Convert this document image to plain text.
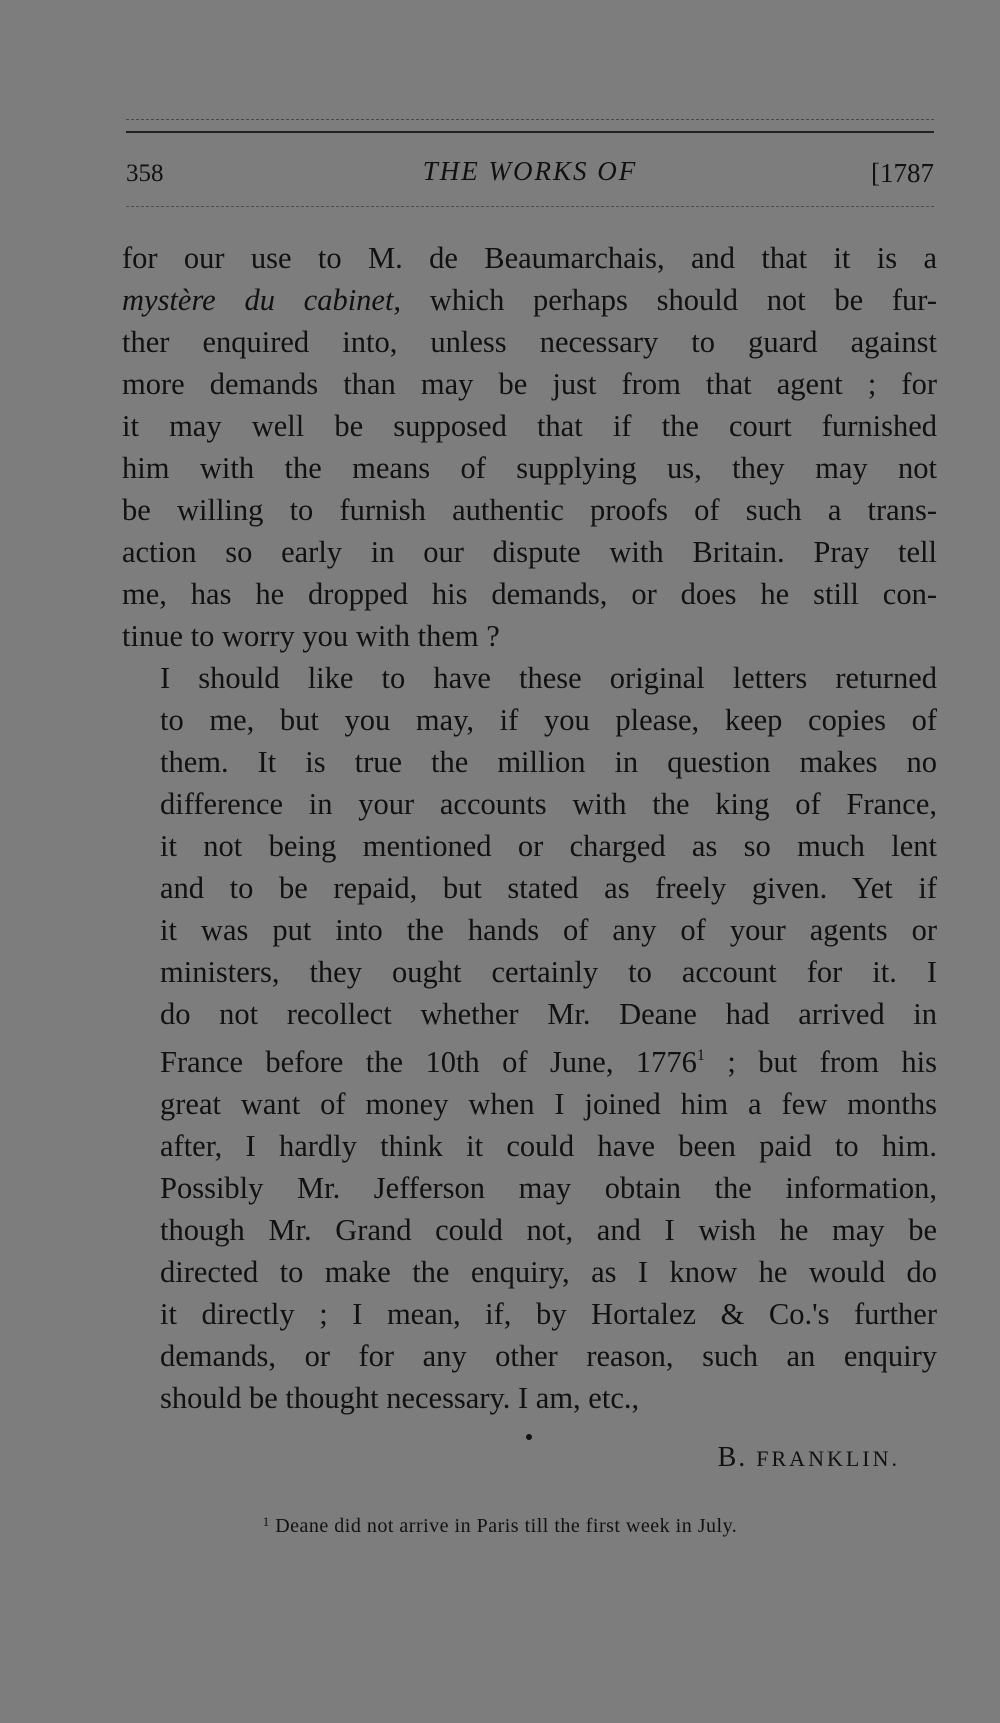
358	THE WORKS OF	[1787

for our use to M. de Beaumarchais, and that it is a
mystère du cabinet, which perhaps should not be fur-
ther enquired into, unless necessary to guard against
more demands than may be just from that agent ; for
it may well be supposed that if the court furnished
him with the means of supplying us, they may not
be willing to furnish authentic proofs of such a trans-
action so early in our dispute with Britain. Pray tell
me, has he dropped his demands, or does he still con-
tinue to worry you with them ?

I should like to have these original letters returned
to me, but you may, if you please, keep copies of
them. It is true the million in question makes no
difference in your accounts with the king of France,
it not being mentioned or charged as so much lent
and to be repaid, but stated as freely given. Yet if
it was put into the hands of any of your agents or
ministers, they ought certainly to account for it. I
do not recollect whether Mr. Deane had arrived in
France before the 10th of June, 1776$^1$ ; but from his
great want of money when I joined him a few months
after, I hardly think it could have been paid to him.
Possibly Mr. Jefferson may obtain the information,
though Mr. Grand could not, and I wish he may be
directed to make the enquiry, as I know he would do
it directly ; I mean, if, by Hortalez & Co.'s further
demands, or for any other reason, such an enquiry
should be thought necessary. I am, etc.,

B. FRANKLIN.
$^1$ Deane did not arrive in Paris till the first week in July.
